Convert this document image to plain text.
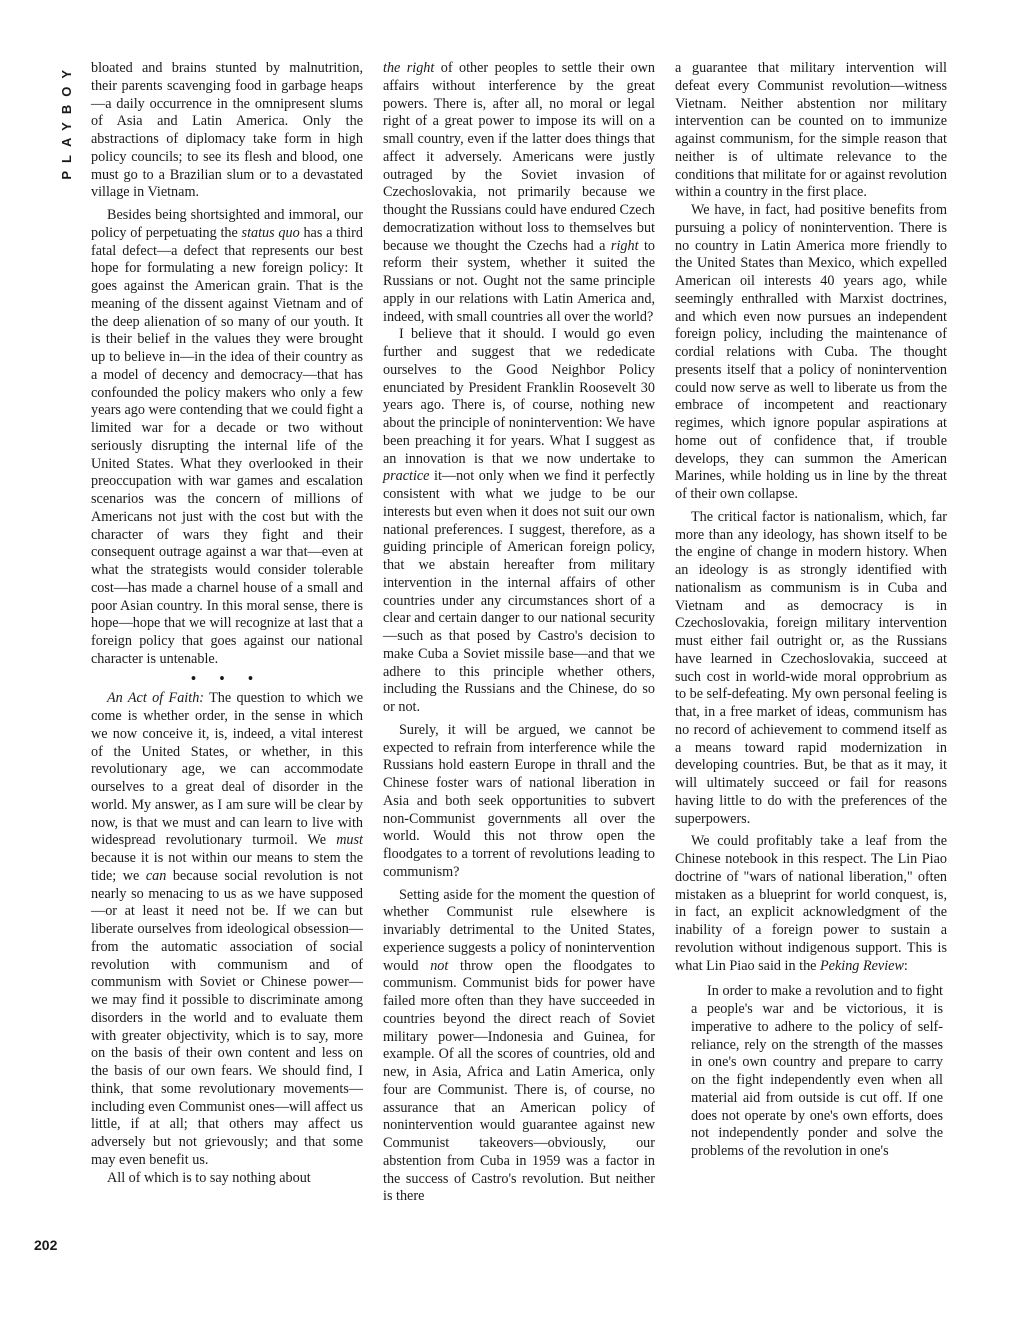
PLAYBOY
202

bloated and brains stunted by malnutrition, their parents scavenging food in garbage heaps—a daily occurrence in the omnipresent slums of Asia and Latin America. Only the abstractions of diplomacy take form in high policy councils; to see its flesh and blood, one must go to a Brazilian slum or to a devastated village in Vietnam.

Besides being shortsighted and immoral, our policy of perpetuating the status quo has a third fatal defect—a defect that represents our best hope for formulating a new foreign policy: It goes against the American grain. That is the meaning of the dissent against Vietnam and of the deep alienation of so many of our youth. It is their belief in the values they were brought up to believe in—in the idea of their country as a model of decency and democracy—that has confounded the policy makers who only a few years ago were contending that we could fight a limited war for a decade or two without seriously disrupting the internal life of the United States. What they overlooked in their preoccupation with war games and escalation scenarios was the concern of millions of Americans not just with the cost but with the character of wars they fight and their consequent outrage against a war that—even at what the strategists would consider tolerable cost—has made a charnel house of a small and poor Asian country. In this moral sense, there is hope—hope that we will recognize at last that a foreign policy that goes against our national character is untenable.

• • •

An Act of Faith: The question to which we come is whether order, in the sense in which we now conceive it, is, indeed, a vital interest of the United States, or whether, in this revolutionary age, we can accommodate ourselves to a great deal of disorder in the world. My answer, as I am sure will be clear by now, is that we must and can learn to live with widespread revolutionary turmoil. We must because it is not within our means to stem the tide; we can because social revolution is not nearly so menacing to us as we have supposed—or at least it need not be. If we can but liberate ourselves from ideological obsession—from the automatic association of social revolution with communism and of communism with Soviet or Chinese power—we may find it possible to discriminate among disorders in the world and to evaluate them with greater objectivity, which is to say, more on the basis of their own content and less on the basis of our own fears. We should find, I think, that some revolutionary movements—including even Communist ones—will affect us little, if at all; that others may affect us adversely but not grievously; and that some may even benefit us.

All of which is to say nothing about

the right of other peoples to settle their own affairs without interference by the great powers. There is, after all, no moral or legal right of a great power to impose its will on a small country, even if the latter does things that affect it adversely. Americans were justly outraged by the Soviet invasion of Czechoslovakia, not primarily because we thought the Russians could have endured Czech democratization without loss to themselves but because we thought the Czechs had a right to reform their system, whether it suited the Russians or not. Ought not the same principle apply in our relations with Latin America and, indeed, with small countries all over the world?

I believe that it should. I would go even further and suggest that we rededicate ourselves to the Good Neighbor Policy enunciated by President Franklin Roosevelt 30 years ago. There is, of course, nothing new about the principle of nonintervention: We have been preaching it for years. What I suggest as an innovation is that we now undertake to practice it—not only when we find it perfectly consistent with what we judge to be our interests but even when it does not suit our own national preferences. I suggest, therefore, as a guiding principle of American foreign policy, that we abstain hereafter from military intervention in the internal affairs of other countries under any circumstances short of a clear and certain danger to our national security—such as that posed by Castro's decision to make Cuba a Soviet missile base—and that we adhere to this principle whether others, including the Russians and the Chinese, do so or not.

Surely, it will be argued, we cannot be expected to refrain from interference while the Russians hold eastern Europe in thrall and the Chinese foster wars of national liberation in Asia and both seek opportunities to subvert non-Communist governments all over the world. Would this not throw open the floodgates to a torrent of revolutions leading to communism?

Setting aside for the moment the question of whether Communist rule elsewhere is invariably detrimental to the United States, experience suggests a policy of nonintervention would not throw open the floodgates to communism. Communist bids for power have failed more often than they have succeeded in countries beyond the direct reach of Soviet military power—Indonesia and Guinea, for example. Of all the scores of countries, old and new, in Asia, Africa and Latin America, only four are Communist. There is, of course, no assurance that an American policy of nonintervention would guarantee against new Communist takeovers—obviously, our abstention from Cuba in 1959 was a factor in the success of Castro's revolution. But neither is there

a guarantee that military intervention will defeat every Communist revolution—witness Vietnam. Neither abstention nor military intervention can be counted on to immunize against communism, for the simple reason that neither is of ultimate relevance to the conditions that militate for or against revolution within a country in the first place.

We have, in fact, had positive benefits from pursuing a policy of nonintervention. There is no country in Latin America more friendly to the United States than Mexico, which expelled American oil interests 40 years ago, while seemingly enthralled with Marxist doctrines, and which even now pursues an independent foreign policy, including the maintenance of cordial relations with Cuba. The thought presents itself that a policy of nonintervention could now serve as well to liberate us from the embrace of incompetent and reactionary regimes, which ignore popular aspirations at home out of confidence that, if trouble develops, they can summon the American Marines, while holding us in line by the threat of their own collapse.

The critical factor is nationalism, which, far more than any ideology, has shown itself to be the engine of change in modern history. When an ideology is as strongly identified with nationalism as communism is in Cuba and Vietnam and as democracy is in Czechoslovakia, foreign military intervention must either fail outright or, as the Russians have learned in Czechoslovakia, succeed at such cost in world-wide moral opprobrium as to be self-defeating. My own personal feeling is that, in a free market of ideas, communism has no record of achievement to commend itself as a means toward rapid modernization in developing countries. But, be that as it may, it will ultimately succeed or fail for reasons having little to do with the preferences of the superpowers.

We could profitably take a leaf from the Chinese notebook in this respect. The Lin Piao doctrine of "wars of national liberation," often mistaken as a blueprint for world conquest, is, in fact, an explicit acknowledgment of the inability of a foreign power to sustain a revolution without indigenous support. This is what Lin Piao said in the Peking Review:

In order to make a revolution and to fight a people's war and be victorious, it is imperative to adhere to the policy of self-reliance, rely on the strength of the masses in one's own country and prepare to carry on the fight independently even when all material aid from outside is cut off. If one does not operate by one's own efforts, does not independently ponder and solve the problems of the revolution in one's
